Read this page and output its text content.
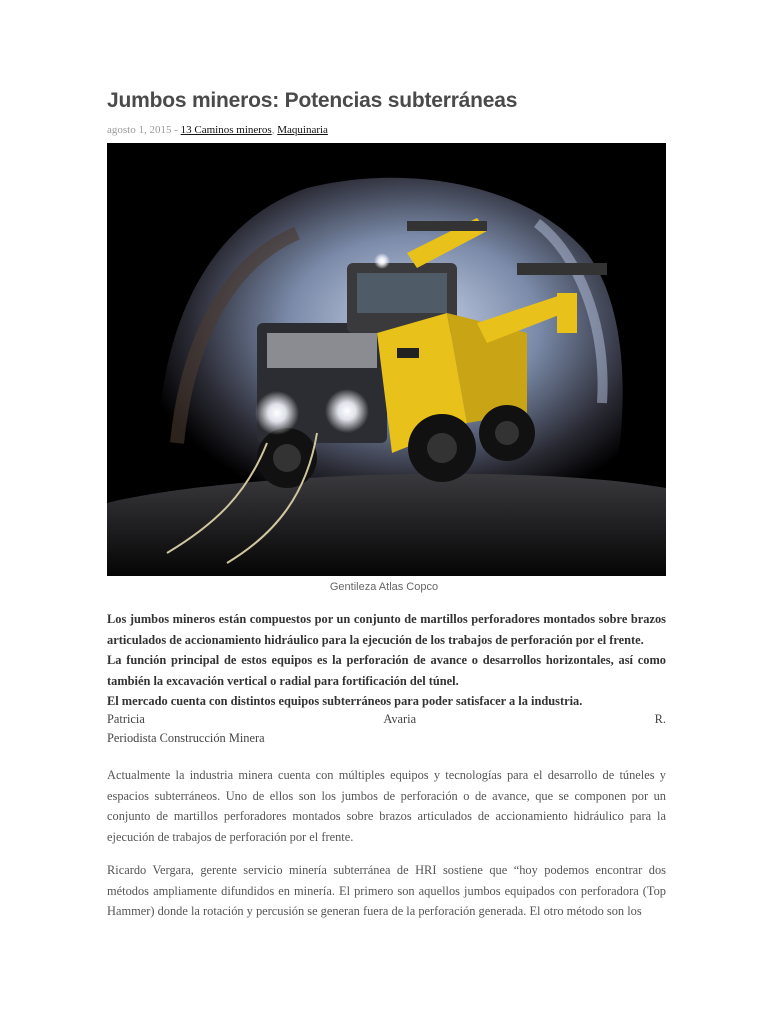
Jumbos mineros: Potencias subterráneas
agosto 1, 2015 - 13 Caminos mineros, Maquinaria
Gentileza Atlas Copco

Los jumbos mineros están compuestos por un conjunto de martillos perforadores montados sobre brazos articulados de accionamiento hidráulico para la ejecución de los trabajos de perforación por el frente.

La función principal de estos equipos es la perforación de avance o desarrollos horizontales, así como también la excavación vertical o radial para fortificación del túnel.

El mercado cuenta con distintos equipos subterráneos para poder satisfacer a la industria.

Patricia	Avaria	R.
Periodista Construcción Minera

Actualmente la industria minera cuenta con múltiples equipos y tecnologías para el desarrollo de túneles y espacios subterráneos. Uno de ellos son los jumbos de perforación o de avance, que se componen por un conjunto de martillos perforadores montados sobre brazos articulados de accionamiento hidráulico para la ejecución de trabajos de perforación por el frente.

Ricardo Vergara, gerente servicio minería subterránea de HRI sostiene que “hoy podemos encontrar dos métodos ampliamente difundidos en minería. El primero son aquellos jumbos equipados con perforadora (Top Hammer) donde la rotación y percusión se generan fuera de la perforación generada. El otro método son los
